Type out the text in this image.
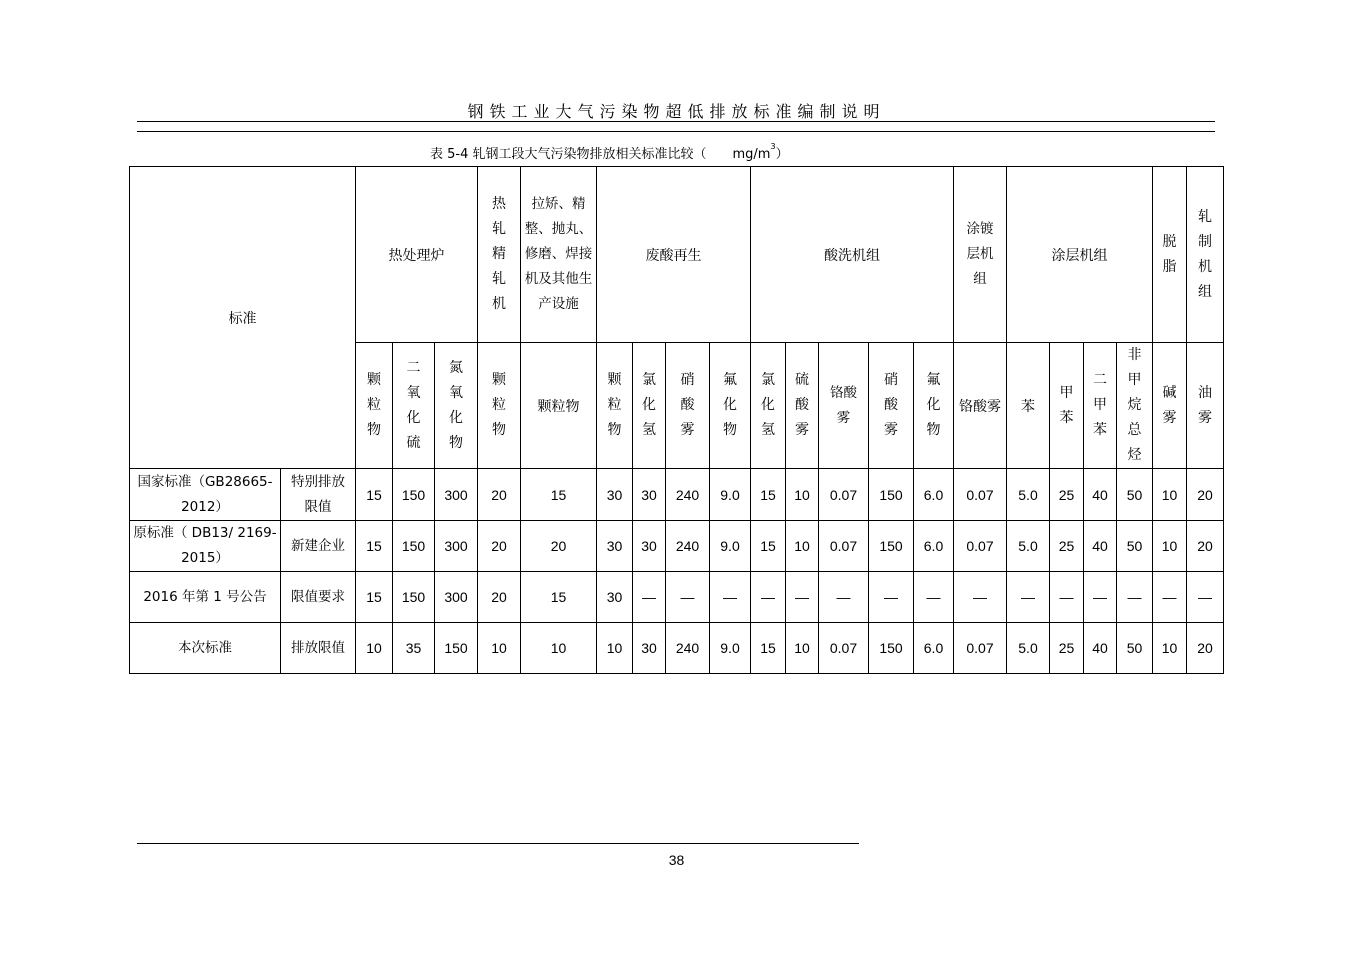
钢铁工业大气污染物超低排放标准编制说明
表 5-4 轧钢工段大气污染物排放相关标准比较（ $mg/m^3$）
标准		热处理炉			热轧精轧机	拉矫、精整、抛丸、修磨、焊接机及其他生产设施	废酸再生				酸洗机组					涂镀层机组	涂层机组				脱脂	轧制机组
		颗粒物	二氧化硫	氮氧化物	颗粒物	颗粒物	颗粒物	氯化氢	硝酸雾	氟化物	氯化氢	硫酸雾	铬酸雾	硝酸雾	氟化物	铬酸雾	苯	甲苯	二甲苯	非甲烷总烃	碱雾	油雾

国家标准（GB28665-2012）	特别排放限值	15	150	300	20	15	30	30	240	9.0	15	10	0.07	150	6.0	0.07	5.0	25	40	50	10	20

原标准（ DB13/ 2169-2015）	新建企业	15	150	300	20	20	30	30	240	9.0	15	10	0.07	150	6.0	0.07	5.0	25	40	50	10	20

2016 年第 1 号公告	限值要求	15	150	300	20	15	30	—	—	—	—	—	—	—	—	—	—	—	—	—	—	—

本次标准	排放限值	10	35	150	10	10	10	30	240	9.0	15	10	0.07	150	6.0	0.07	5.0	25	40	50	10	20
38
